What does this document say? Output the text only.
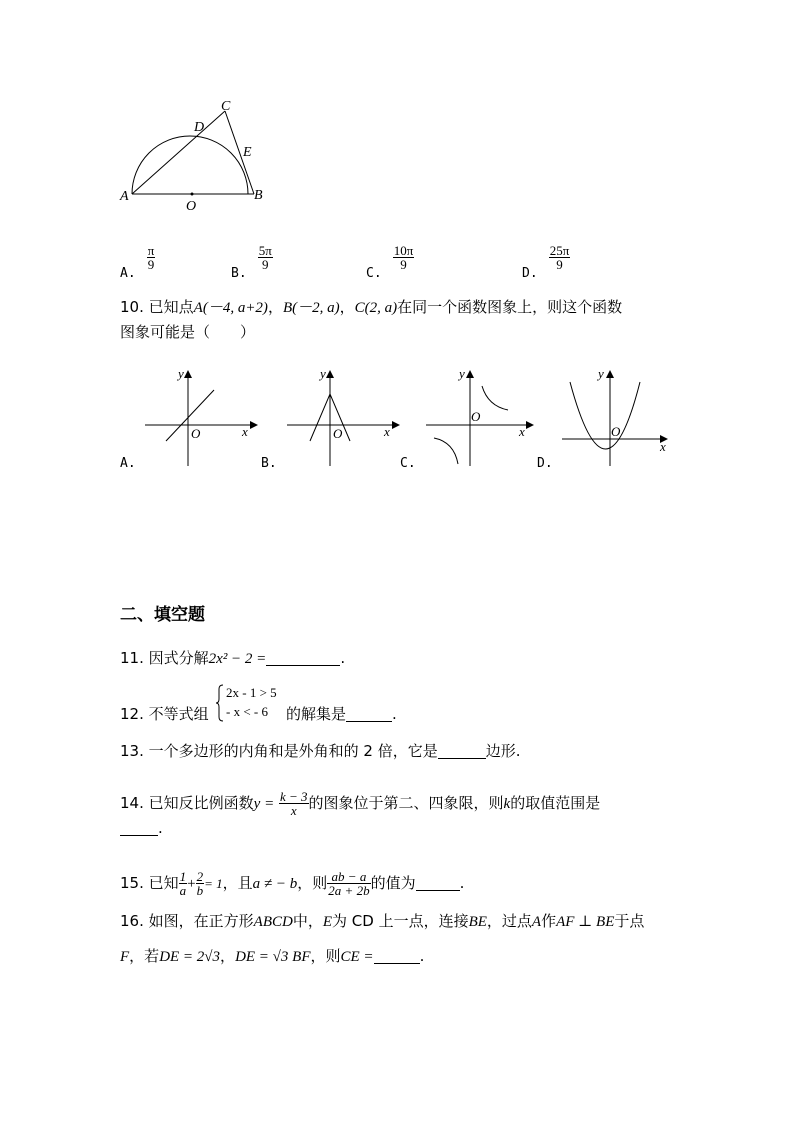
C
D
E
A	B
O
A.
$\frac{\pi}{9}$
B.
$\frac{5\pi}{9}$
C.
$\frac{10\pi}{9}$
D.
$\frac{25\pi}{9}$
10. 已知点A(－4, a+2)，B(－2, a)，C(2, a)在同一个函数图象上，则这个函数
图象可能是（　　）
y
x
O
A.
y
x
O
B.
y
x
O
C.
y
x
O
D.
二、填空题
11. 因式分解2x² − 2 =	.
12. 不等式组
2x - 1 > 5
- x < - 6 的解集是	.
13. 一个多边形的内角和是外角和的 2 倍，它是	边形.
14. 已知反比例函数$y = \frac{k - 3}{x}$ 的图象位于第二、四象限，则k的取值范围是
.
15. 已知 $\frac{1}{a} + \frac{2}{b} = 1$，且a ≠ − b，则 $\frac{ab - a}{2a + 2b}$ 的值为	.
16. 如图，在正方形ABCD中，E为 CD 上一点，连接BE，过点A作AF ⊥ BE于点
F，若DE = 2√3，DE = √3 BF，则CE =	.
